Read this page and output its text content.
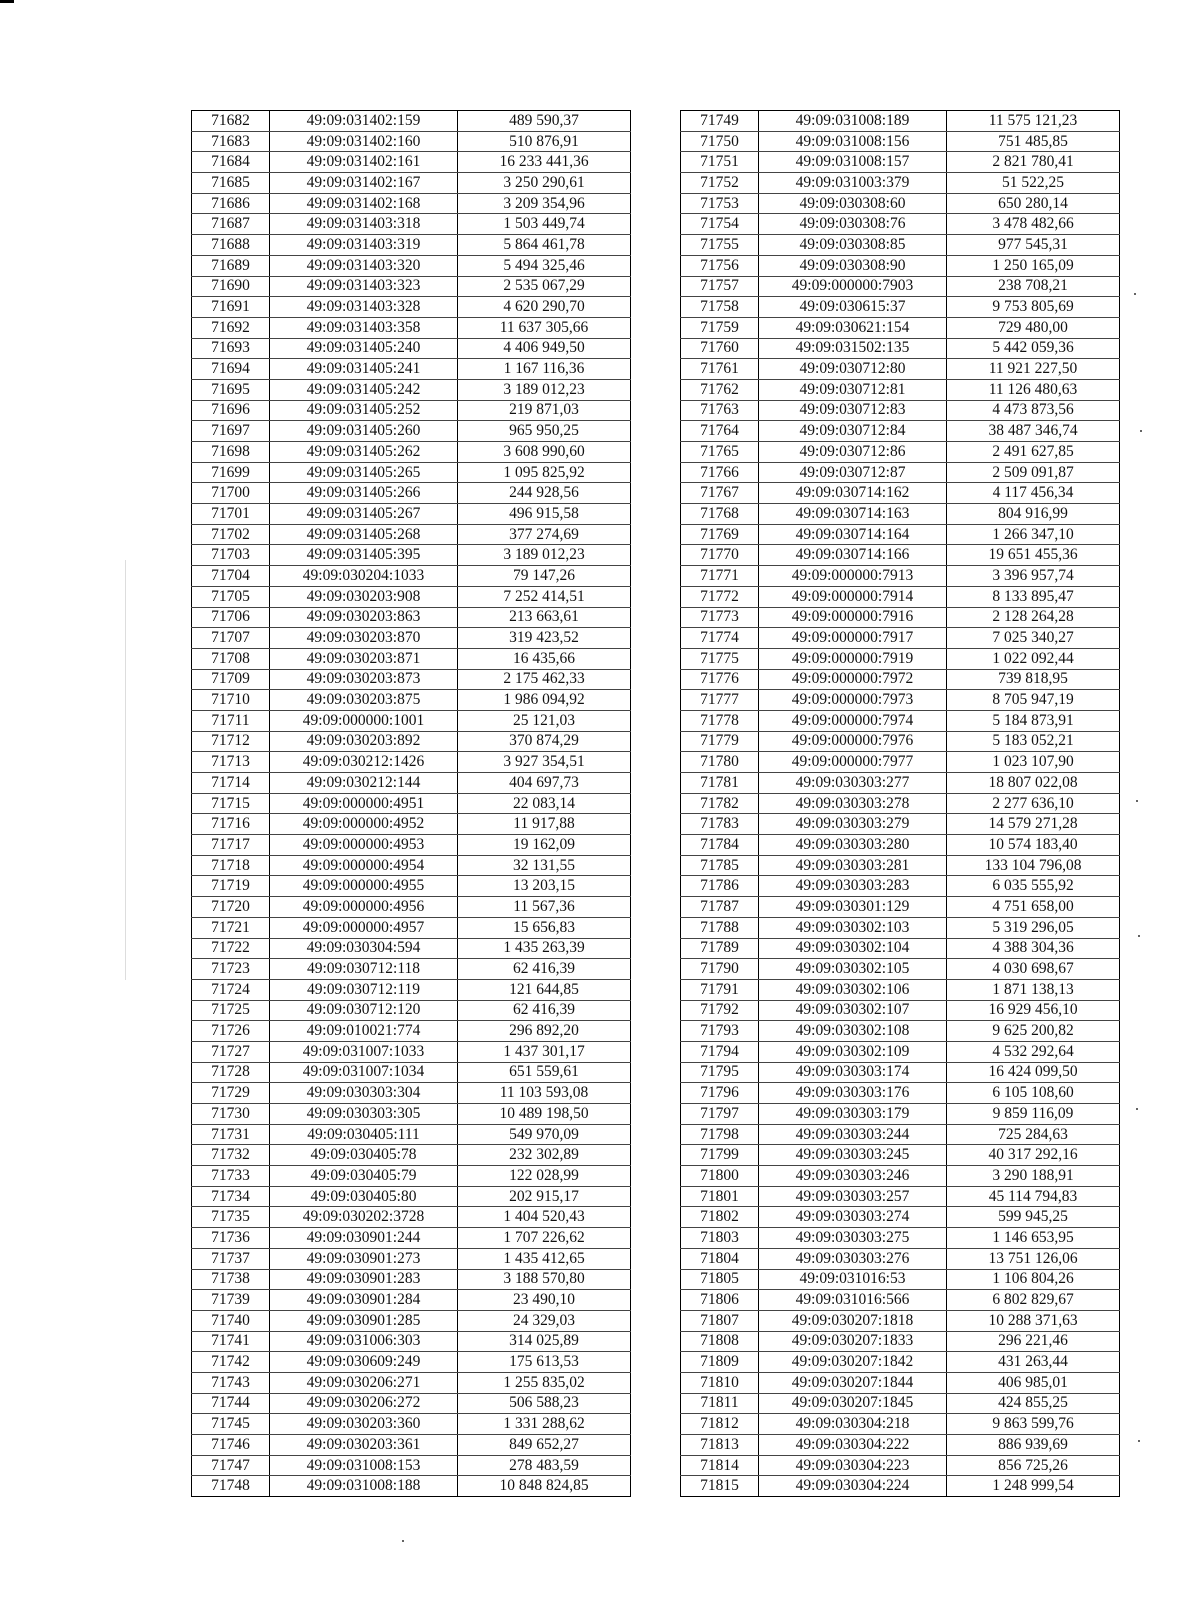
71682	49:09:031402:159	489 590,37
71683	49:09:031402:160	510 876,91
71684	49:09:031402:161	16 233 441,36
71685	49:09:031402:167	3 250 290,61
71686	49:09:031402:168	3 209 354,96
71687	49:09:031403:318	1 503 449,74
71688	49:09:031403:319	5 864 461,78
71689	49:09:031403:320	5 494 325,46
71690	49:09:031403:323	2 535 067,29
71691	49:09:031403:328	4 620 290,70
71692	49:09:031403:358	11 637 305,66
71693	49:09:031405:240	4 406 949,50
71694	49:09:031405:241	1 167 116,36
71695	49:09:031405:242	3 189 012,23
71696	49:09:031405:252	219 871,03
71697	49:09:031405:260	965 950,25
71698	49:09:031405:262	3 608 990,60
71699	49:09:031405:265	1 095 825,92
71700	49:09:031405:266	244 928,56
71701	49:09:031405:267	496 915,58
71702	49:09:031405:268	377 274,69
71703	49:09:031405:395	3 189 012,23
71704	49:09:030204:1033	79 147,26
71705	49:09:030203:908	7 252 414,51
71706	49:09:030203:863	213 663,61
71707	49:09:030203:870	319 423,52
71708	49:09:030203:871	16 435,66
71709	49:09:030203:873	2 175 462,33
71710	49:09:030203:875	1 986 094,92
71711	49:09:000000:1001	25 121,03
71712	49:09:030203:892	370 874,29
71713	49:09:030212:1426	3 927 354,51
71714	49:09:030212:144	404 697,73
71715	49:09:000000:4951	22 083,14
71716	49:09:000000:4952	11 917,88
71717	49:09:000000:4953	19 162,09
71718	49:09:000000:4954	32 131,55
71719	49:09:000000:4955	13 203,15
71720	49:09:000000:4956	11 567,36
71721	49:09:000000:4957	15 656,83
71722	49:09:030304:594	1 435 263,39
71723	49:09:030712:118	62 416,39
71724	49:09:030712:119	121 644,85
71725	49:09:030712:120	62 416,39
71726	49:09:010021:774	296 892,20
71727	49:09:031007:1033	1 437 301,17
71728	49:09:031007:1034	651 559,61
71729	49:09:030303:304	11 103 593,08
71730	49:09:030303:305	10 489 198,50
71731	49:09:030405:111	549 970,09
71732	49:09:030405:78	232 302,89
71733	49:09:030405:79	122 028,99
71734	49:09:030405:80	202 915,17
71735	49:09:030202:3728	1 404 520,43
71736	49:09:030901:244	1 707 226,62
71737	49:09:030901:273	1 435 412,65
71738	49:09:030901:283	3 188 570,80
71739	49:09:030901:284	23 490,10
71740	49:09:030901:285	24 329,03
71741	49:09:031006:303	314 025,89
71742	49:09:030609:249	175 613,53
71743	49:09:030206:271	1 255 835,02
71744	49:09:030206:272	506 588,23
71745	49:09:030203:360	1 331 288,62
71746	49:09:030203:361	849 652,27
71747	49:09:031008:153	278 483,59
71748	49:09:031008:188	10 848 824,85
71749	49:09:031008:189	11 575 121,23
71750	49:09:031008:156	751 485,85
71751	49:09:031008:157	2 821 780,41
71752	49:09:031003:379	51 522,25
71753	49:09:030308:60	650 280,14
71754	49:09:030308:76	3 478 482,66
71755	49:09:030308:85	977 545,31
71756	49:09:030308:90	1 250 165,09
71757	49:09:000000:7903	238 708,21
71758	49:09:030615:37	9 753 805,69
71759	49:09:030621:154	729 480,00
71760	49:09:031502:135	5 442 059,36
71761	49:09:030712:80	11 921 227,50
71762	49:09:030712:81	11 126 480,63
71763	49:09:030712:83	4 473 873,56
71764	49:09:030712:84	38 487 346,74
71765	49:09:030712:86	2 491 627,85
71766	49:09:030712:87	2 509 091,87
71767	49:09:030714:162	4 117 456,34
71768	49:09:030714:163	804 916,99
71769	49:09:030714:164	1 266 347,10
71770	49:09:030714:166	19 651 455,36
71771	49:09:000000:7913	3 396 957,74
71772	49:09:000000:7914	8 133 895,47
71773	49:09:000000:7916	2 128 264,28
71774	49:09:000000:7917	7 025 340,27
71775	49:09:000000:7919	1 022 092,44
71776	49:09:000000:7972	739 818,95
71777	49:09:000000:7973	8 705 947,19
71778	49:09:000000:7974	5 184 873,91
71779	49:09:000000:7976	5 183 052,21
71780	49:09:000000:7977	1 023 107,90
71781	49:09:030303:277	18 807 022,08
71782	49:09:030303:278	2 277 636,10
71783	49:09:030303:279	14 579 271,28
71784	49:09:030303:280	10 574 183,40
71785	49:09:030303:281	133 104 796,08
71786	49:09:030303:283	6 035 555,92
71787	49:09:030301:129	4 751 658,00
71788	49:09:030302:103	5 319 296,05
71789	49:09:030302:104	4 388 304,36
71790	49:09:030302:105	4 030 698,67
71791	49:09:030302:106	1 871 138,13
71792	49:09:030302:107	16 929 456,10
71793	49:09:030302:108	9 625 200,82
71794	49:09:030302:109	4 532 292,64
71795	49:09:030303:174	16 424 099,50
71796	49:09:030303:176	6 105 108,60
71797	49:09:030303:179	9 859 116,09
71798	49:09:030303:244	725 284,63
71799	49:09:030303:245	40 317 292,16
71800	49:09:030303:246	3 290 188,91
71801	49:09:030303:257	45 114 794,83
71802	49:09:030303:274	599 945,25
71803	49:09:030303:275	1 146 653,95
71804	49:09:030303:276	13 751 126,06
71805	49:09:031016:53	1 106 804,26
71806	49:09:031016:566	6 802 829,67
71807	49:09:030207:1818	10 288 371,63
71808	49:09:030207:1833	296 221,46
71809	49:09:030207:1842	431 263,44
71810	49:09:030207:1844	406 985,01
71811	49:09:030207:1845	424 855,25
71812	49:09:030304:218	9 863 599,76
71813	49:09:030304:222	886 939,69
71814	49:09:030304:223	856 725,26
71815	49:09:030304:224	1 248 999,54
